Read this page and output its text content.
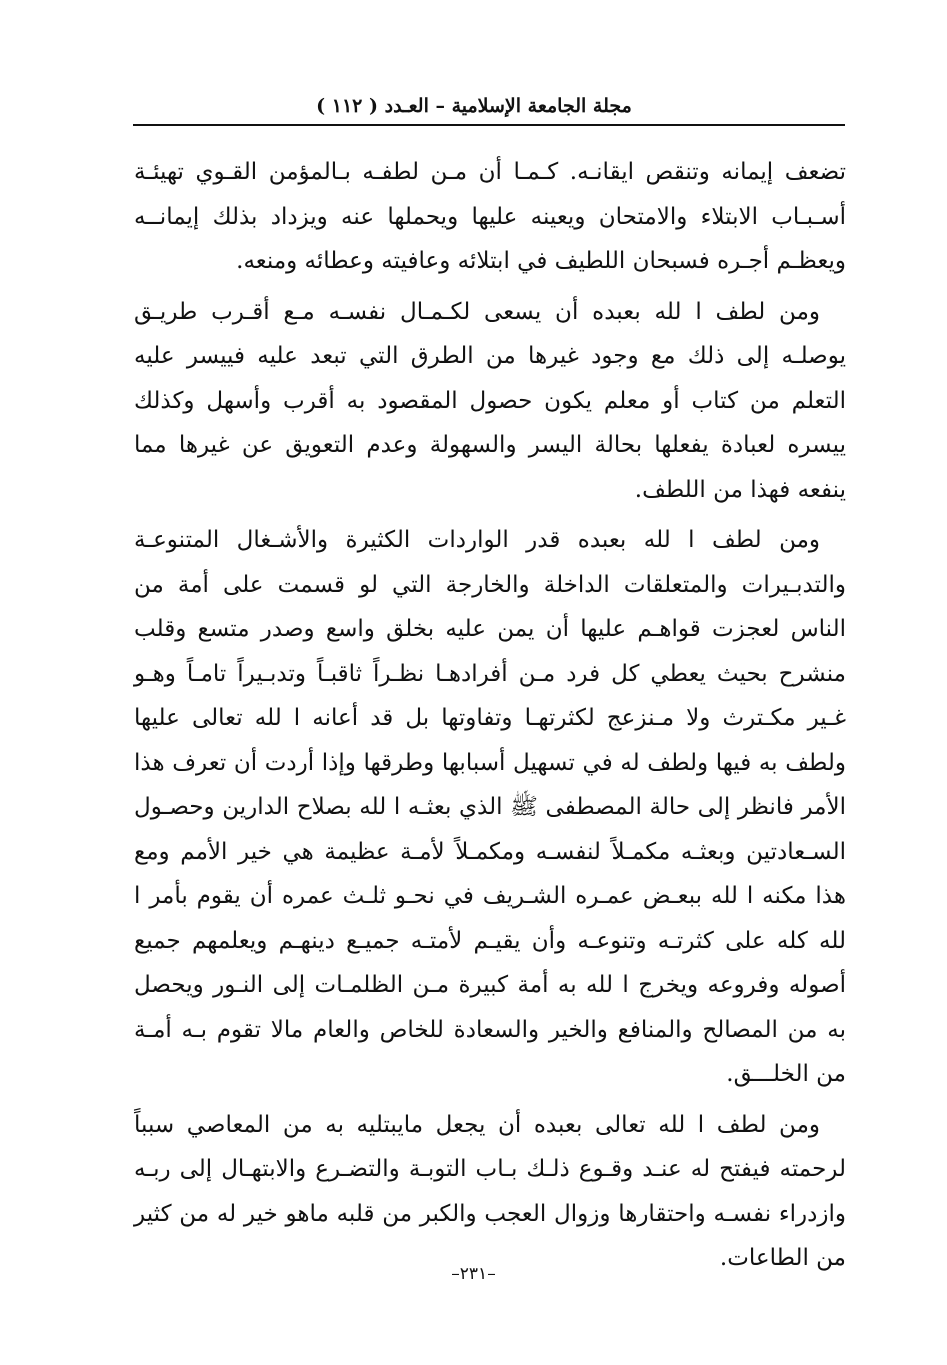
مجلة الجامعة الإسلامية – العـدد ( ١١٢ )

تضعف إيمانه وتنقص ايقانـه. كـمـا أن مـن لطفـه بـالمؤمن القـوي تهيئـة أسـبـاب الابتلاء والامتحان ويعينه عليها ويحملها عنه ويزداد بذلك إيمانــه ويعظـم أجـره فسبحان اللطيف في ابتلائه وعافيته وعطائه ومنعه.

ومن لطف ا لله بعبده أن يسعى لكـمـال نفسـه مـع أقـرب طريـق يوصلـه إلى ذلك مع وجود غيرها من الطرق التي تبعد عليه فييسر عليه التعلم من كتاب أو معلم يكون حصول المقصود به أقرب وأسهل وكذلك ييسره لعبادة يفعلها بحالة اليسر والسهولة وعدم التعويق عن غيرها مما ينفعه فهذا من اللطف.

ومن لطف ا لله بعبده قدر الواردات الكثيرة والأشـغال المتنوعـة والتدبـيرات والمتعلقات الداخلة والخارجة التي لو قسمت على أمة من الناس لعجزت قواهـم عليها أن يمن عليه بخلق واسع وصدر متسع وقلب منشرح بحيث يعطي كل فرد مـن أفرادهـا نظـراً ثاقبـاً وتدبـيراً تامـاً وهـو غـير مكـترث ولا مـنزعج لكثرتهـا وتفاوتها بل قد أعانه ا لله تعالى عليها ولطف به فيها ولطف له في تسهيل أسبابها وطرقها وإذا أردت أن تعرف هذا الأمر فانظر إلى حالة المصطفى ﷺ الذي بعثـه ا لله بصلاح الدارين وحصـول السـعادتين وبعثـه مكمـلاً لنفسـه ومكمـلاً لأمـة عظيمة هي خير الأمم ومع هذا مكنه ا لله ببعـض عمـره الشـريف في نحـو ثلـث عمره أن يقوم بأمر ا لله كله على كثرتـه وتنوعـه وأن يقيـم لأمتـه جميـع دينهـم ويعلمهم جميع أصوله وفروعه ويخرج ا لله به أمة كبيرة مـن الظلمـات إلى النـور ويحصل به من المصالح والمنافع والخير والسعادة للخاص والعام مالا تقوم بـه أمـة من الخلـــق.

ومن لطف ا لله تعالى بعبده أن يجعل مايبتليه به من المعاصي سبباً لرحمته فيفتح له عنـد وقـوع ذلـك بـاب التوبـة والتضـرع والابتهـال إلى ربـه وازدراء نفسـه واحتقارها وزوال العجب والكبر من قلبه ماهو خير له من كثير من الطاعات.

–٢٣١–
